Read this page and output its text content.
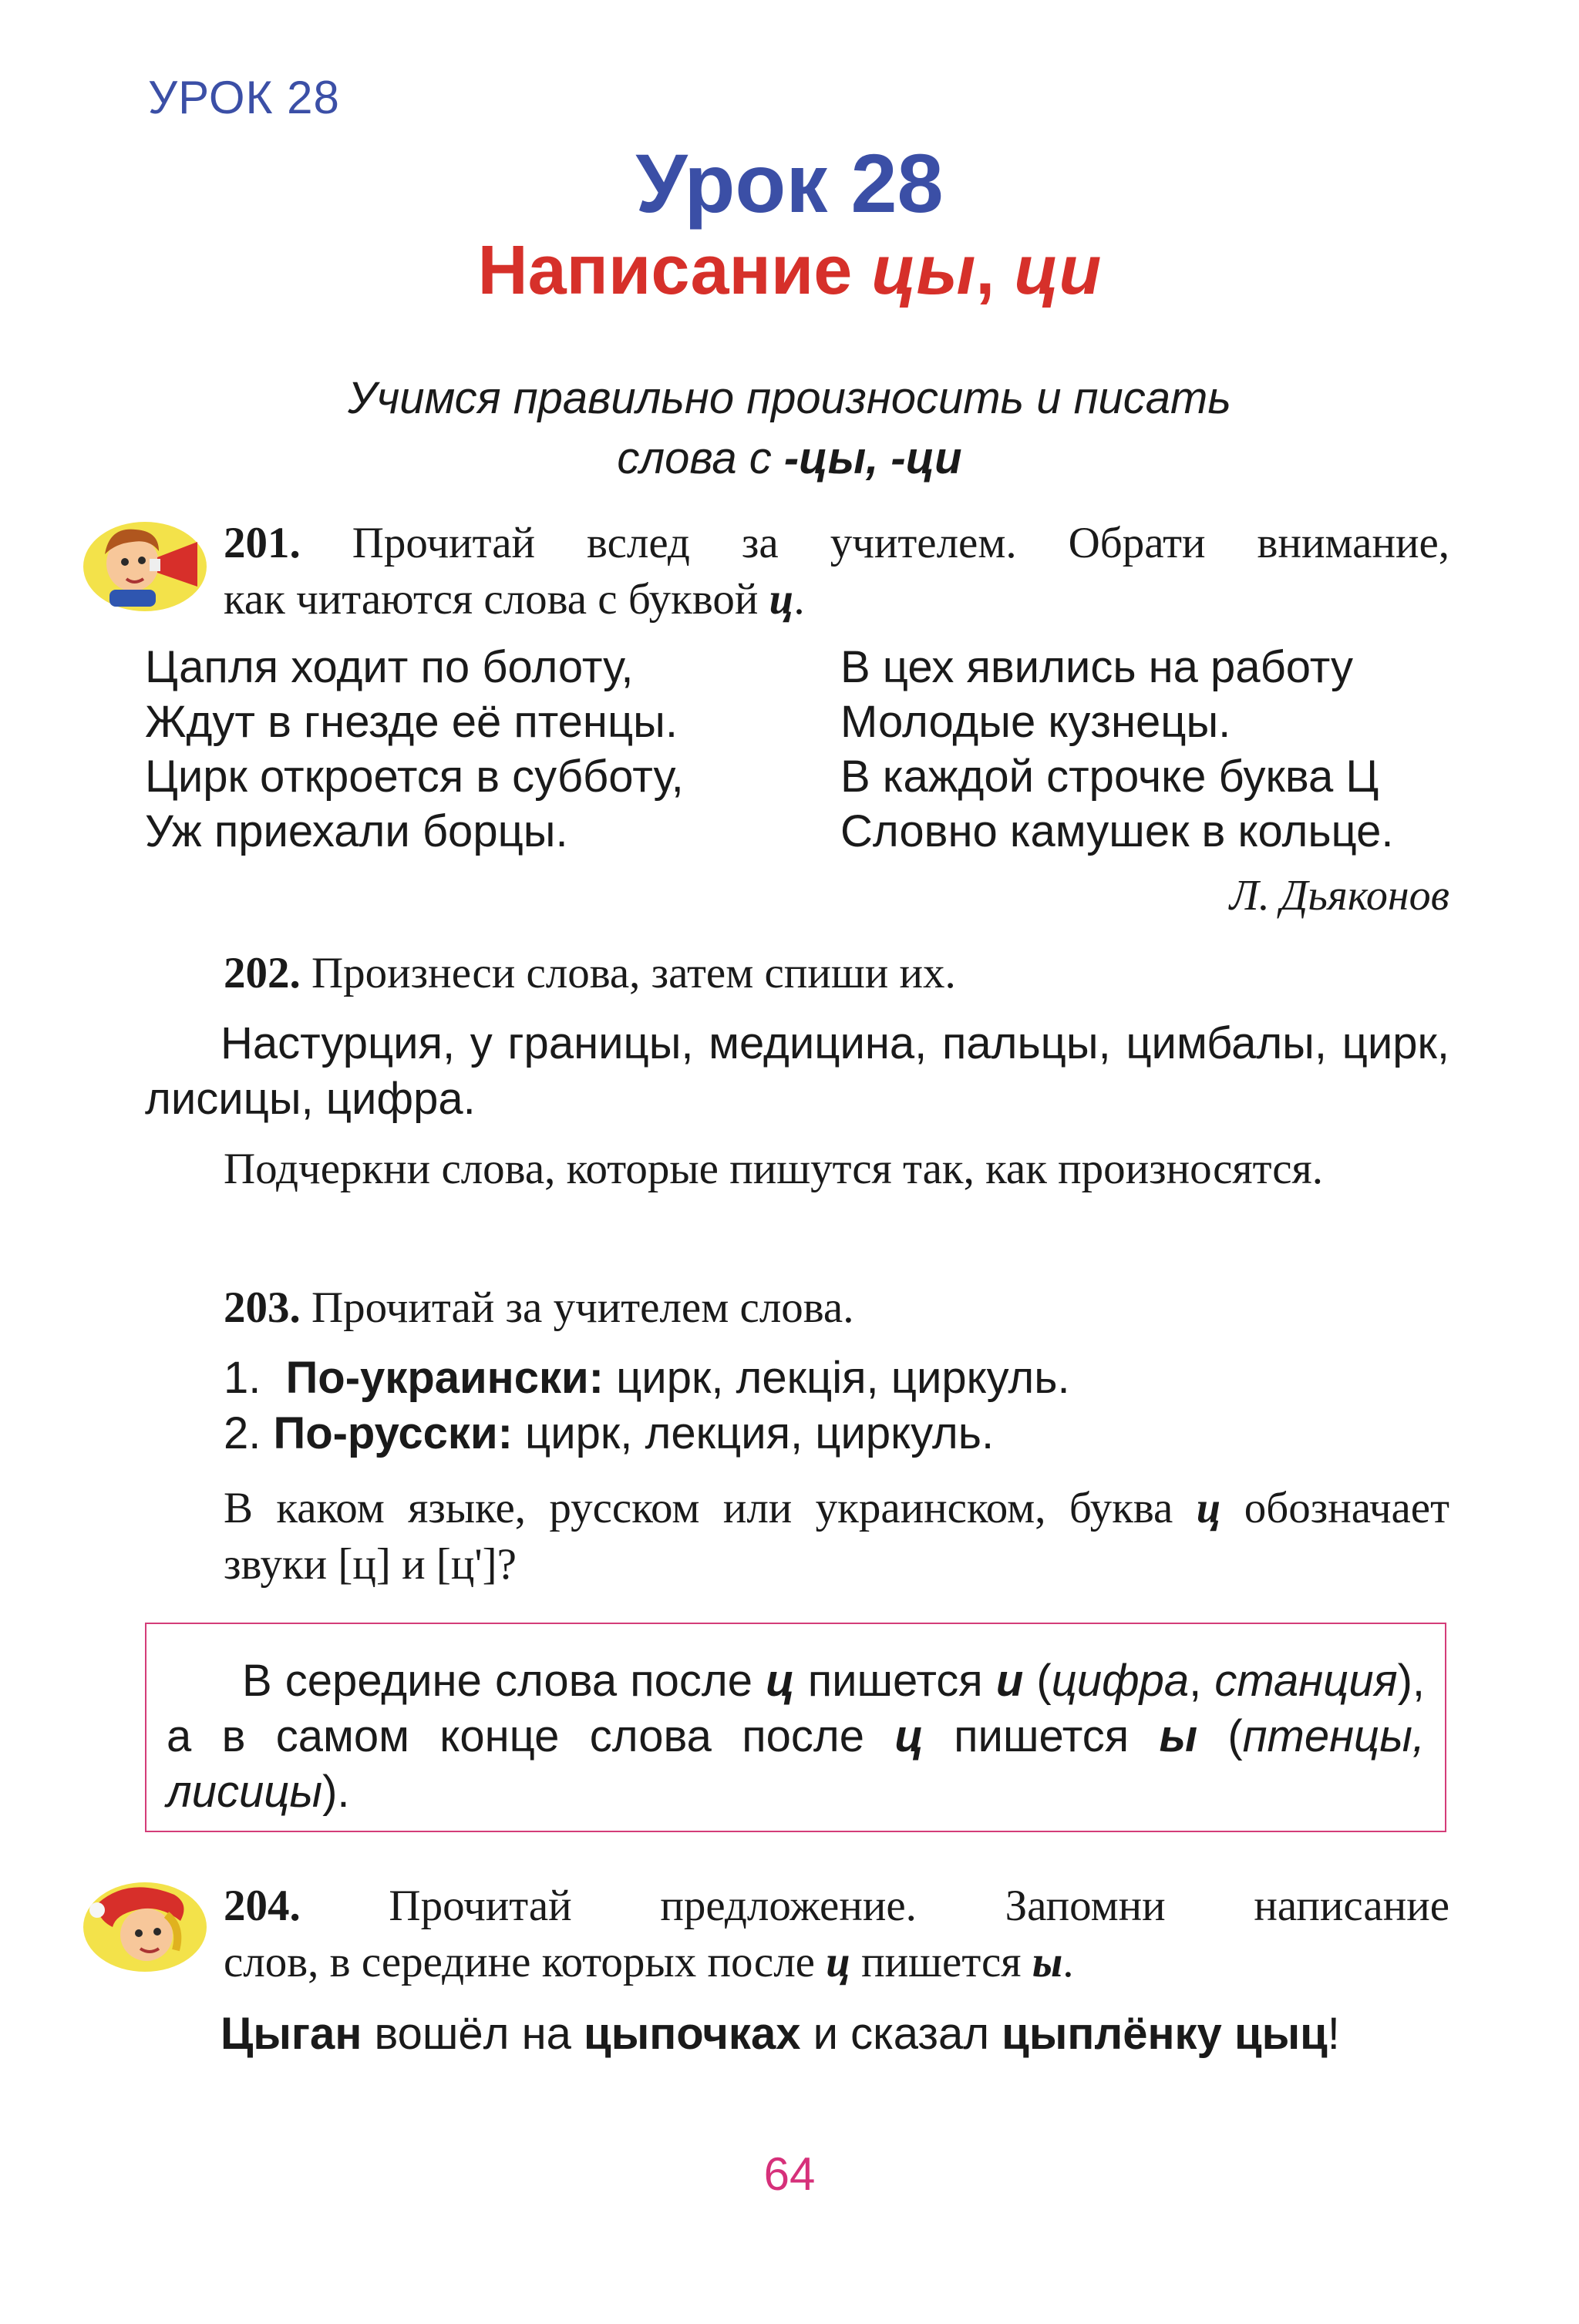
УРОК 28
Урок 28
Написание цы, ци
Учимся правильно произносить и писать
слова с -цы, -ци
201. Прочитай вслед за учителем. Обрати внимание,
как читаются слова с буквой ц.
Цапля ходит по болоту,
Ждут в гнезде её птенцы.
Цирк откроется в субботу,
Уж приехали борцы.
В цех явились на работу
Молодые кузнецы.
В каждой строчке буква Ц
Словно камушек в кольце.
Л. Дьяконов
202. Произнеси слова, затем спиши их.
Настурция, у границы, медицина, пальцы, цимбалы, цирк, лисицы, цифра.
Подчеркни слова, которые пишутся так, как произносятся.
203. Прочитай за учителем слова.
1. По-украински: цирк, лекція, циркуль.
2. По-русски: цирк, лекция, циркуль.
В каком языке, русском или украинском, буква ц обозначает звуки [ц] и [ц']?
В середине слова после ц пишется и (цифра, станция), а в самом конце слова после ц пишется ы (птенцы, лисицы).
204. Прочитай предложение. Запомни написание
слов, в середине которых после ц пишется ы.
Цыган вошёл на цыпочках и сказал цыплёнку цыц!
64
